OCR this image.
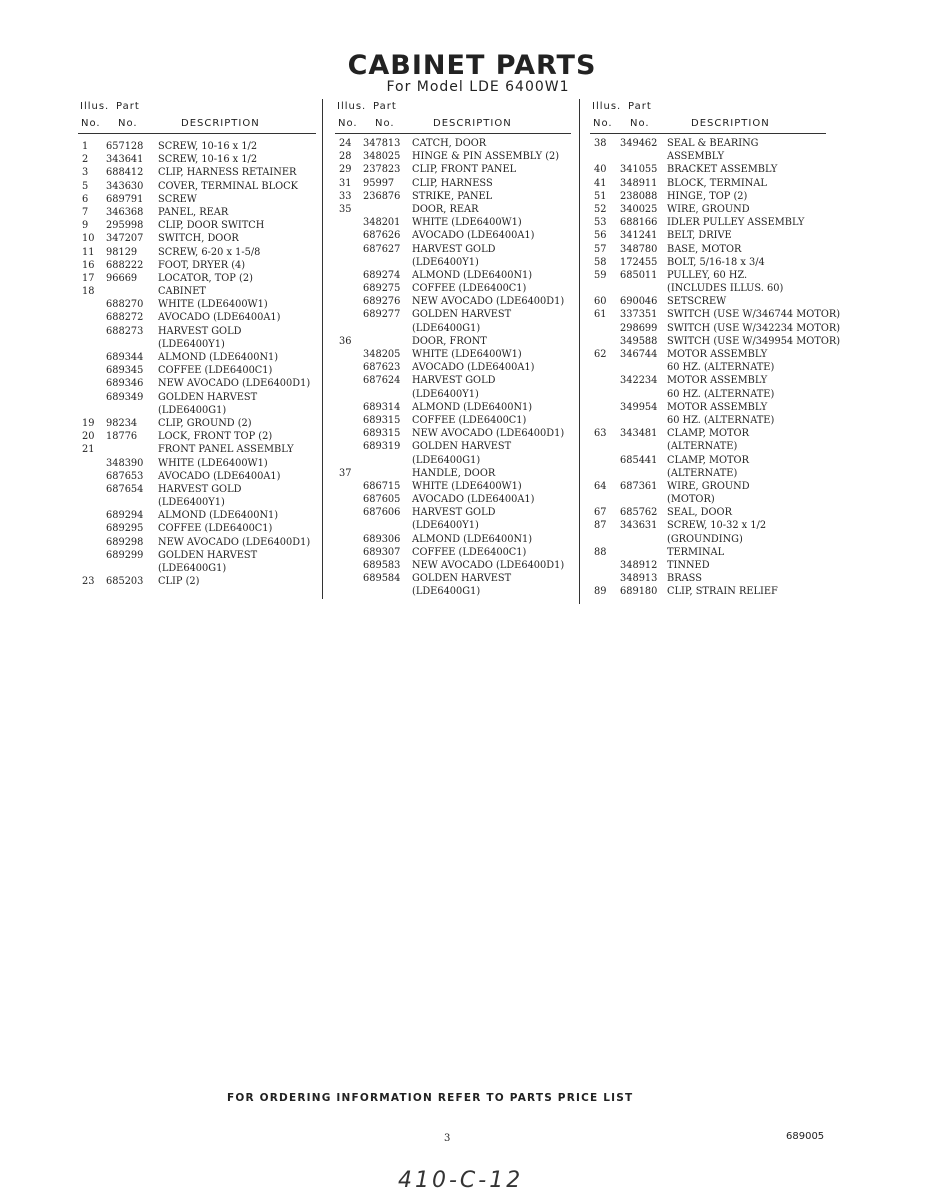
CABINET PARTS
For Model LDE 6400W1
Illus. Part
No. No.	DESCRIPTION
1 657128 SCREW, 10-16 x 1/2
2 343641 SCREW, 10-16 x 1/2
3 688412 CLIP, HARNESS RETAINER
5 343630 COVER, TERMINAL BLOCK
6 689791 SCREW
7 346368 PANEL, REAR
9 295998 CLIP, DOOR SWITCH
10 347207 SWITCH, DOOR
11 98129 SCREW, 6-20 x 1-5/8
16 688222 FOOT, DRYER (4)
17 96669 LOCATOR, TOP (2)
18	CABINET
688270 WHITE (LDE6400W1)
688272 AVOCADO (LDE6400A1)
688273 HARVEST GOLD
(LDE6400Y1)
689344 ALMOND (LDE6400N1)
689345 COFFEE (LDE6400C1)
689346 NEW AVOCADO (LDE6400D1)
689349 GOLDEN HARVEST
(LDE6400G1)
19 98234 CLIP, GROUND (2)
20 18776 LOCK, FRONT TOP (2)
21	FRONT PANEL ASSEMBLY
348390 WHITE (LDE6400W1)
687653 AVOCADO (LDE6400A1)
687654 HARVEST GOLD
(LDE6400Y1)
689294 ALMOND (LDE6400N1)
689295 COFFEE (LDE6400C1)
689298 NEW AVOCADO (LDE6400D1)
689299 GOLDEN HARVEST
(LDE6400G1)
23 685203 CLIP (2)
Illus. Part
No. No.	DESCRIPTION
24 347813 CATCH, DOOR
28 348025 HINGE & PIN ASSEMBLY (2)
29 237823 CLIP, FRONT PANEL
31 95997 CLIP, HARNESS
33 236876 STRIKE, PANEL
35	DOOR, REAR
348201 WHITE (LDE6400W1)
687626 AVOCADO (LDE6400A1)
687627 HARVEST GOLD
(LDE6400Y1)
689274 ALMOND (LDE6400N1)
689275 COFFEE (LDE6400C1)
689276 NEW AVOCADO (LDE6400D1)
689277 GOLDEN HARVEST
(LDE6400G1)
36	DOOR, FRONT
348205 WHITE (LDE6400W1)
687623 AVOCADO (LDE6400A1)
687624 HARVEST GOLD
(LDE6400Y1)
689314 ALMOND (LDE6400N1)
689315 COFFEE (LDE6400C1)
689315 NEW AVOCADO (LDE6400D1)
689319 GOLDEN HARVEST
(LDE6400G1)
37	HANDLE, DOOR
686715 WHITE (LDE6400W1)
687605 AVOCADO (LDE6400A1)
687606 HARVEST GOLD
(LDE6400Y1)
689306 ALMOND (LDE6400N1)
689307 COFFEE (LDE6400C1)
689583 NEW AVOCADO (LDE6400D1)
689584 GOLDEN HARVEST
(LDE6400G1)
Illus. Part
No. No.	DESCRIPTION
38 349462 SEAL & BEARING
ASSEMBLY
40 341055 BRACKET ASSEMBLY
41 348911 BLOCK, TERMINAL
51 238088 HINGE, TOP (2)
52 340025 WIRE, GROUND
53 688166 IDLER PULLEY ASSEMBLY
56 341241 BELT, DRIVE
57 348780 BASE, MOTOR
58 172455 BOLT, 5/16-18 x 3/4
59 685011 PULLEY, 60 HZ.
(INCLUDES ILLUS. 60)
60 690046 SETSCREW
61 337351 SWITCH (USE W/346744 MOTOR)
298699 SWITCH (USE W/342234 MOTOR)
349588 SWITCH (USE W/349954 MOTOR)
62 346744 MOTOR ASSEMBLY
60 HZ. (ALTERNATE)
342234 MOTOR ASSEMBLY
60 HZ. (ALTERNATE)
349954 MOTOR ASSEMBLY
60 HZ. (ALTERNATE)
63 343481 CLAMP, MOTOR
(ALTERNATE)
685441 CLAMP, MOTOR
(ALTERNATE)
64 687361 WIRE, GROUND
(MOTOR)
67 685762 SEAL, DOOR
87 343631 SCREW, 10-32 x 1/2
(GROUNDING)
88	TERMINAL
348912 TINNED
348913 BRASS
89 689180 CLIP, STRAIN RELIEF
FOR ORDERING INFORMATION REFER TO PARTS PRICE LIST
3	689005
410-C-12
